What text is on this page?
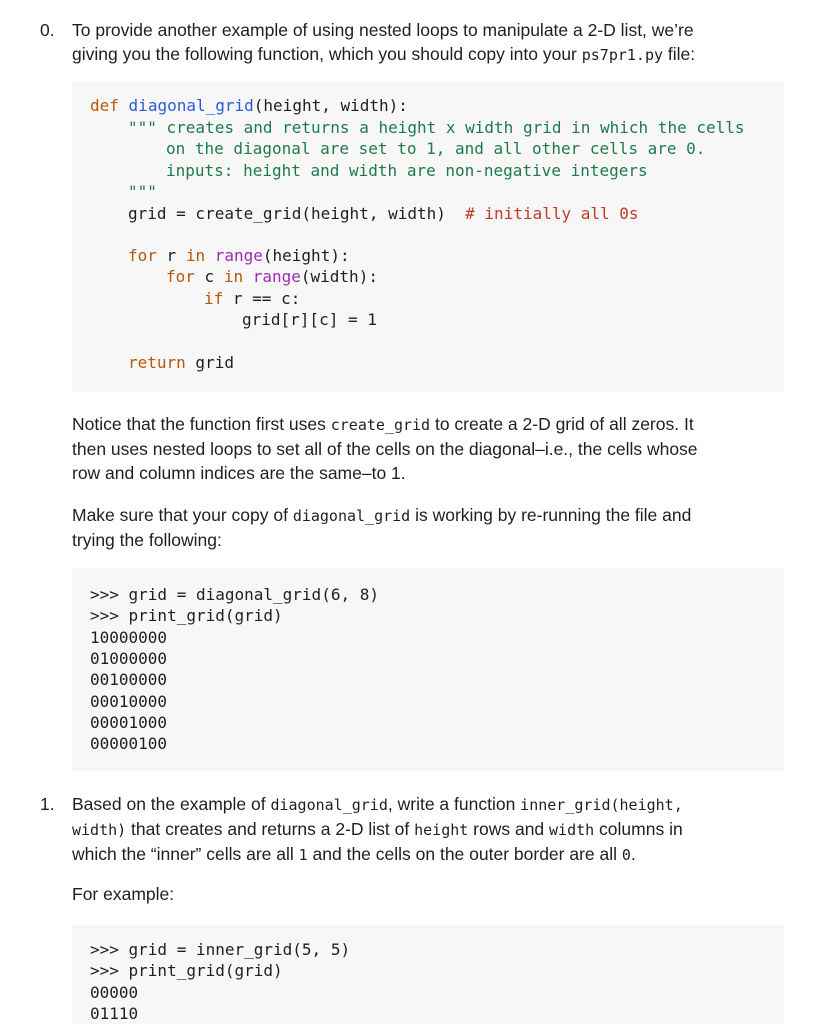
0. To provide another example of using nested loops to manipulate a 2-D list, we’re
giving you the following function, which you should copy into your ps7pr1.py file:

def diagonal_grid(height, width):
""" creates and returns a height x width grid in which the cells
on the diagonal are set to 1, and all other cells are 0.
inputs: height and width are non-negative integers
"""
grid = create_grid(height, width) # initially all 0s
for r in range(height):
for c in range(width):
if r == c:
grid[r][c] = 1
return grid

Notice that the function first uses create_grid to create a 2-D grid of all zeros. It
then uses nested loops to set all of the cells on the diagonal–i.e., the cells whose
row and column indices are the same–to 1.

Make sure that your copy of diagonal_grid is working by re-running the file and
trying the following:

>>> grid = diagonal_grid(6, 8)
>>> print_grid(grid)
10000000
01000000
00100000
00010000
00001000
00000100
1. Based on the example of diagonal_grid, write a function inner_grid(height,
width) that creates and returns a 2-D list of height rows and width columns in
which the “inner” cells are all 1 and the cells on the outer border are all 0.

For example:

>>> grid = inner_grid(5, 5)
>>> print_grid(grid)
00000
01110
